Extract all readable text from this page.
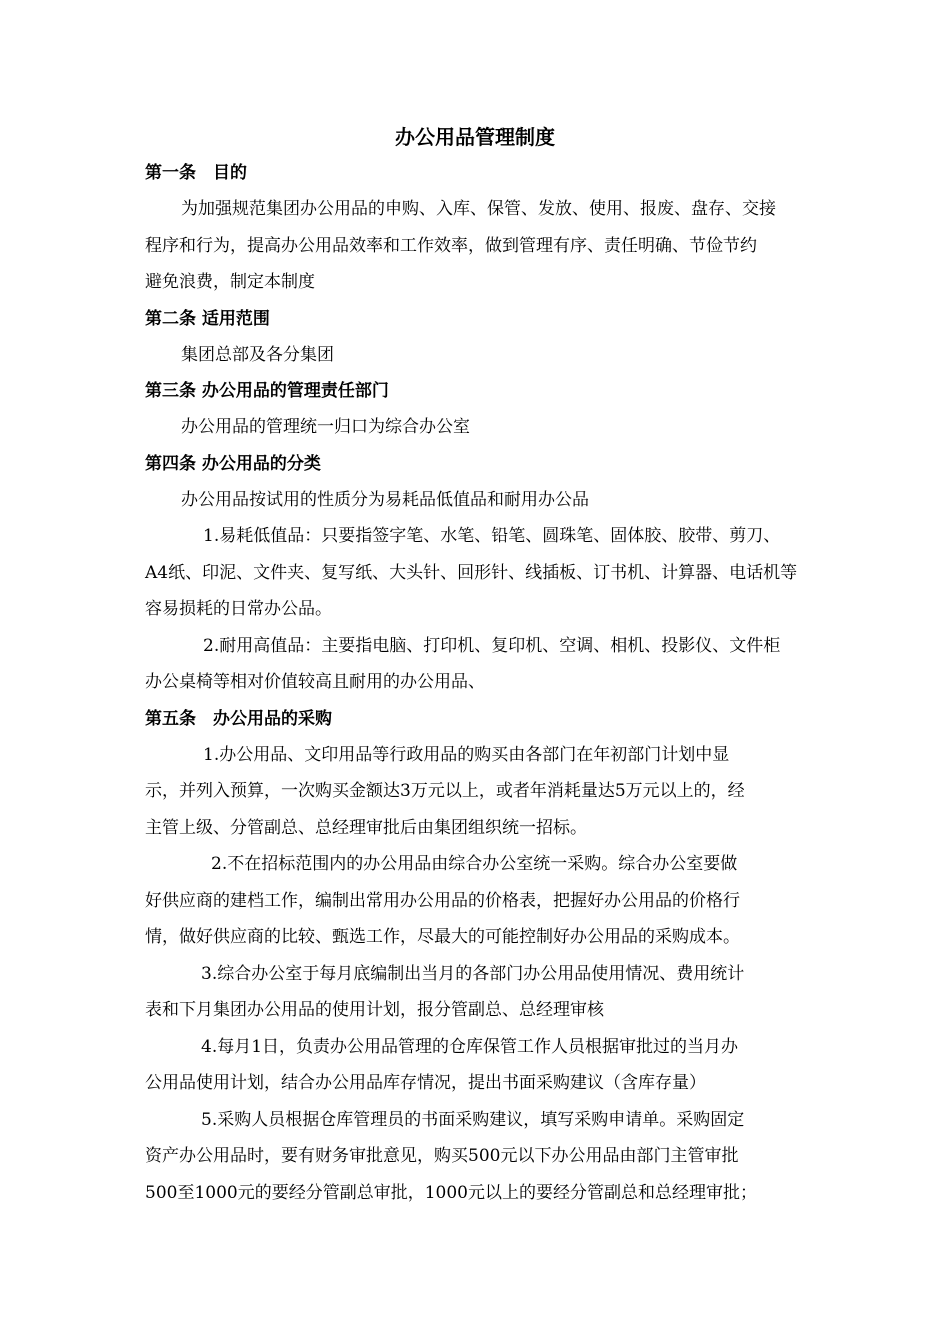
办公用品管理制度
第一条　目的

为加强规范集团办公用品的申购、入库、保管、发放、使用、报废、盘存、交接
程序和行为，提高办公用品效率和工作效率，做到管理有序、责任明确、节俭节约
避免浪费，制定本制度

第二条 适用范围

集团总部及各分集团

第三条 办公用品的管理责任部门

办公用品的管理统一归口为综合办公室

第四条 办公用品的分类

办公用品按试用的性质分为易耗品低值品和耐用办公品

1.易耗低值品：只要指签字笔、水笔、铅笔、圆珠笔、固体胶、胶带、剪刀、
A4纸、印泥、文件夹、复写纸、大头针、回形针、线插板、订书机、计算器、电话机等
容易损耗的日常办公品。

2.耐用高值品：主要指电脑、打印机、复印机、空调、相机、投影仪、文件柜
办公桌椅等相对价值较高且耐用的办公用品、

第五条　办公用品的采购

1.办公用品、文印用品等行政用品的购买由各部门在年初部门计划中显
示，并列入预算，一次购买金额达3万元以上，或者年消耗量达5万元以上的，经
主管上级、分管副总、总经理审批后由集团组织统一招标。

2.不在招标范围内的办公用品由综合办公室统一采购。综合办公室要做
好供应商的建档工作，编制出常用办公用品的价格表，把握好办公用品的价格行
情，做好供应商的比较、甄选工作，尽最大的可能控制好办公用品的采购成本。

3.综合办公室于每月底编制出当月的各部门办公用品使用情况、费用统计
表和下月集团办公用品的使用计划，报分管副总、总经理审核

4.每月1日，负责办公用品管理的仓库保管工作人员根据审批过的当月办
公用品使用计划，结合办公用品库存情况，提出书面采购建议（含库存量）

5.采购人员根据仓库管理员的书面采购建议，填写采购申请单。采购固定
资产办公用品时，要有财务审批意见，购买500元以下办公用品由部门主管审批
500至1000元的要经分管副总审批，1000元以上的要经分管副总和总经理审批；
